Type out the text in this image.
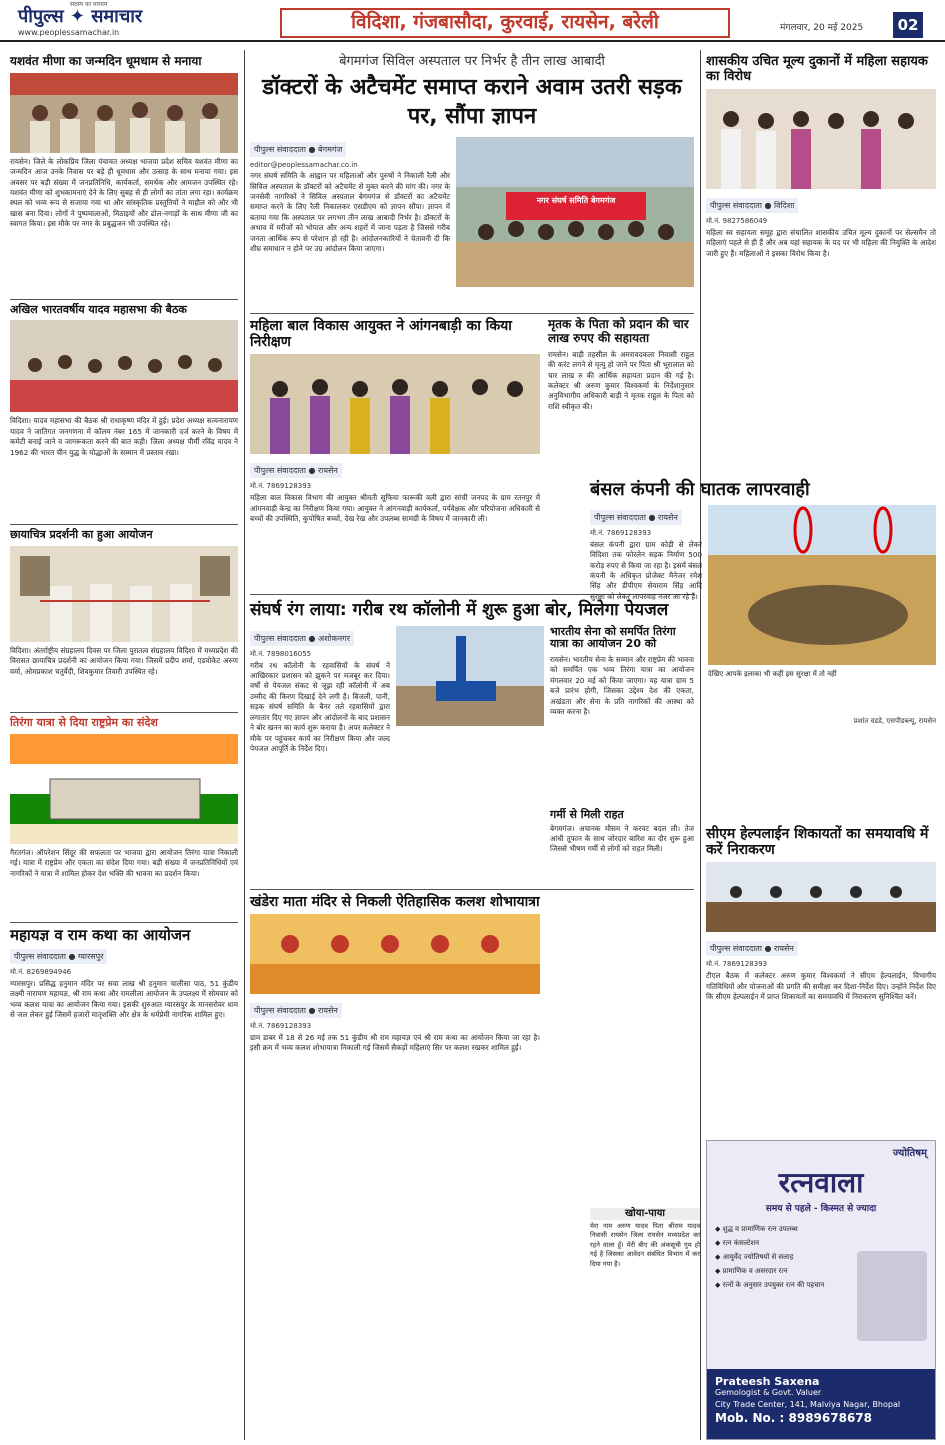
पीपुल्स ✦ समाचार
सदस्य का माध्यम
www.peoplessamachar.in	विदिशा, गंजबासौदा, कुरवाई, रायसेन, बरेली	मंगलवार, 20 मई 2025	02
यशवंत मीणा का जन्मदिन धूमधाम से मनाया
रायसेन। जिले के लोकप्रिय जिला पंचायत अध्यक्ष भाजपा प्रदेश सचिव यशवंत मीणा का जन्मदिन आज उनके निवास पर बड़े ही धूमधाम और उत्साह के साथ मनाया गया। इस अवसर पर बड़ी संख्या में जनप्रतिनिधि, कार्यकर्ता, समर्थक और आमजन उपस्थित रहे। यशवंत मीणा को शुभकामनाएं देने के लिए सुबह से ही लोगों का तांता लगा रहा। कार्यक्रम स्थल को भव्य रूप से सजाया गया था और सांस्कृतिक प्रस्तुतियों ने माहौल को और भी खास बना दिया। लोगों ने पुष्पमालाओं, मिठाइयों और ढोल-नगाड़ों के साथ मीणा जी का स्वागत किया। इस मौके पर नगर के प्रबुद्धजन भी उपस्थित रहे।
अखिल भारतवर्षीय यादव महासभा की बैठक
विदिशा। यादव महासभा की बैठक श्री राधाकृष्ण मंदिर में हुई। प्रदेश अध्यक्ष सत्यनारायण यादव ने जातिगत जनगणना में कॉलम नंबर 165 में जानकारी दर्ज करने के विषय में कमेटी बनाई जाने व जागरूकता करने की बात कही। जिला अध्यक्ष पीर्मी रविंद्र यादव ने 1962 की भारत चीन युद्ध के योद्धाओं के सम्मान में प्रस्ताव रखा।
छायाचित्र प्रदर्शनी का हुआ आयोजन
विदिशा। अंतर्राष्ट्रीय संग्रहालय दिवस पर जिला पुरातत्व संग्रहालय विदिशा में मध्यप्रदेश की विरासत छायाचित्र प्रदर्शनी का आयोजन किया गया। जिसमें प्रदीप शर्मा, एडवोकेट अरुण वर्मा, ओमप्रकाश चतुर्वेदी, शिवकुमार तिवारी उपस्थित रहे।
तिरंगा यात्रा से दिया राष्ट्रप्रेम का संदेश
गैरतगंज। ऑपरेशन सिंदूर की सफलता पर भाजपा द्वारा आयोजन तिरंगा यात्रा निकाली गई। यात्रा में राष्ट्रप्रेम और एकता का संदेश दिया गया। बड़ी संख्या में जनप्रतिनिधियों एवं नागरिकों ने यात्रा में शामिल होकर देश भक्ति की भावना का प्रदर्शन किया।
महायज्ञ व राम कथा का आयोजन
पीपुल्स संवाददाता ● ग्यारसपुर
मो.नं. 8269894946
ग्यारसपुर। प्रसिद्ध हनुमान मंदिर पर सवा लाख श्री हनुमान चालीसा पाठ, 51 कुंडीय लक्ष्मी नारायण महायज्ञ, श्री राम कथा और रामलीला आयोजन के उपलक्ष्य में सोमवार को भव्य कलश यात्रा का आयोजन किया गया। इसकी शुरुआत ग्यारसपुर के मानसरोवर धाम से जल लेकर हुई जिसमें हजारों मातृशक्ति और क्षेत्र के धर्मप्रेमी नागरिक शामिल हुए।
बेगमगंज सिविल अस्पताल पर निर्भर है तीन लाख आबादी
डॉक्टरों के अटैचमेंट समाप्त कराने अवाम उतरी सड़क पर, सौंपा ज्ञापन
पीपुल्स संवाददाता ● बेगमगंज
editor@peoplessamachar.co.in
नगर संघर्ष समिति के आह्वान पर महिलाओं और पुरुषों ने निकाली रैली और सिविल अस्पताल के डॉक्टरों को अटैचमेंट से मुक्त करने की मांग की। नगर के जनसेवी नागरिकों ने सिविल अस्पताल बेगमगंज से डॉक्टरों का अटैचमेंट समाप्त करने के लिए रैली निकालकर एसडीएम को ज्ञापन सौंपा। ज्ञापन में बताया गया कि अस्पताल पर लगभग तीन लाख आबादी निर्भर है। डॉक्टरों के अभाव में मरीजों को भोपाल और अन्य शहरों में जाना पड़ता है जिससे गरीब जनता आर्थिक रूप से परेशान हो रही है। आंदोलनकारियों ने चेतावनी दी कि शीघ्र समाधान न होने पर उग्र आंदोलन किया जाएगा।
नगर संघर्ष समिति बेगमगंज
महिला बाल विकास आयुक्त ने आंगनबाड़ी का किया निरीक्षण
पीपुल्स संवाददाता ● रायसेन
मो.नं. 7869128393
महिला बाल विकास विभाग की आयुक्त श्रीमती सूफिया फारूकी वली द्वारा सांची जनपद के ग्राम रतनपुर में आंगनवाड़ी केन्द्र का निरीक्षण किया गया। आयुक्त ने आंगनवाड़ी कार्यकर्ता, पर्यवेक्षक और परियोजना अधिकारी से बच्चों की उपस्थिति, कुपोषित बच्चों, देख रेख और उपलब्ध सामग्री के विषय में जानकारी ली।
मृतक के पिता को प्रदान की चार लाख रुपए की सहायता
रायसेन। बाड़ी तहसील के अमरावदकला निवासी राहुल की करंट लगने से मृत्यु हो जाने पर पिता श्री भूरालाल को चार लाख रु की आर्थिक सहायता प्रदान की गई है। कलेक्टर श्री अरुण कुमार विश्वकर्मा के निर्देशानुसार अनुविभागीय अधिकारी बाड़ी ने मृतक राहुल के पिता को राशि स्वीकृत की।
संघर्ष रंग लाया: गरीब रथ कॉलोनी में शुरू हुआ बोर, मिलेगा पेयजल
पीपुल्स संवाददाता ● अशोकनगर
मो.नं. 7898016055
गरीब रथ कॉलोनी के रहवासियों के संघर्ष ने आखिरकार प्रशासन को झुकने पर मजबूर कर दिया। वर्षों से पेयजल संकट से जूझ रही कॉलोनी में अब उम्मीद की किरण दिखाई देने लगी है। बिजली, पानी, सड़क संघर्ष समिति के बैनर तले रहवासियों द्वारा लगातार दिए गए ज्ञापन और आंदोलनों के बाद प्रशासन ने बोर खनन का कार्य शुरू कराया है। अपर कलेक्टर ने मौके पर पहुंचकर कार्य का निरीक्षण किया और जल्द पेयजल आपूर्ति के निर्देश दिए।
भारतीय सेना को समर्पित तिरंगा यात्रा का आयोजन 20 को
रायसेन। भारतीय सेना के सम्मान और राष्ट्रप्रेम की भावना को समर्पित एक भव्य तिरंगा यात्रा का आयोजन मंगलवार 20 मई को किया जाएगा। यह यात्रा ग्राम 5 बजे प्रारंभ होगी, जिसका उद्देश्य देश की एकता, अखंडता और सेना के प्रति नागरिकों की आस्था को व्यक्त करना है।
गर्मी से मिली राहत
बेगमगंज। अचानक मौसम ने करवट बदल ली। तेज आंधी तूफान के साथ जोरदार बारिश का दौर शुरू हुआ जिससे भीषण गर्मी से लोगों को राहत मिली।
खंडेरा माता मंदिर से निकली ऐतिहासिक कलश शोभायात्रा
पीपुल्स संवाददाता ● रायसेन
मो.नं. 7869128393
ग्राम डाबर में 18 से 26 मई तक 51 कुंडीय श्री राम महायज्ञ एवं श्री राम कथा का आयोजन किया जा रहा है। इसी क्रम में भव्य कलश शोभायात्रा निकाली गई जिसमें सैकड़ों महिलाएं सिर पर कलश रखकर शामिल हुईं।
शासकीय उचित मूल्य दुकानों में महिला सहायक का विरोध
पीपुल्स संवाददाता ● विदिशा
मो.नं. 9827586049
महिला स्व सहायता समूह द्वारा संचालित शासकीय उचित मूल्य दुकानों पर सेल्समैन तो महिलाएं पहले से ही हैं और अब यहां सहायक के पद पर भी महिला की नियुक्ति के आदेश जारी हुए हैं। महिलाओं ने इसका विरोध किया है।
बंसल कंपनी की घातक लापरवाही
पीपुल्स संवाददाता ● रायसेन
मो.नं. 7869128393
बंसल कंपनी द्वारा ग्राम कोड़ी से लेकर विदिशा तक फोरलेन सड़क निर्माण 500 करोड़ रुपए से किया जा रहा है। इसमें बंसल कंपनी के अधिकृत प्रोजेक्ट मैनेजर रमेश सिंह और डीपीएम सेवाराम सिंह आदि सुरक्षा को लेकर लापरवाह नजर आ रहे हैं।
देखिए आपके इलाका भी कहीं इस सुरक्षा में तो नहीं
प्रशांत वडडे, एसपीडब्ल्यू, रायसेन
सीएम हेल्पलाईन शिकायतों का समयावधि में करें निराकरण
पीपुल्स संवाददाता ● रायसेन
मो.नं. 7869128393
टीएल बैठक में कलेक्टर अरुण कुमार विश्वकर्मा ने सीएम हेल्पलाईन, विभागीय गतिविधियों और योजनाओं की प्रगति की समीक्षा कर दिशा-निर्देश दिए। उन्होंने निर्देश दिए कि सीएम हेल्पलाईन में प्राप्त शिकायतों का समयावधि में निराकरण सुनिश्चित करें।
खोया-पाया
मेरा नाम अरुण यादव पिता श्रीराम यादव निवासी रायसेन जिला रायसेन मध्यप्रदेश का रहने वाला हूँ। मेरी बीए की अंकसूची गुम हो गई है जिसका आवेदन संबंधित विभाग में कर दिया गया है।
ज्योतिषम्
रत्नवाला
समय से पहले - किस्मत से ज्यादा
◆ शुद्ध व प्रामाणिक रत्न उपलब्ध
◆ रत्न कंसल्टेशन
◆ आयुर्वेद ज्योतिषयों से सलाह
◆ प्रामाणिक व असरदार रत्न
◆ रत्नों के अनुसार उपयुक्त रत्न की पहचान
Prateesh Saxena
Gemologist & Govt. Valuer
City Trade Center, 141, Malviya Nagar, Bhopal
Mob. No. : 8989678678
